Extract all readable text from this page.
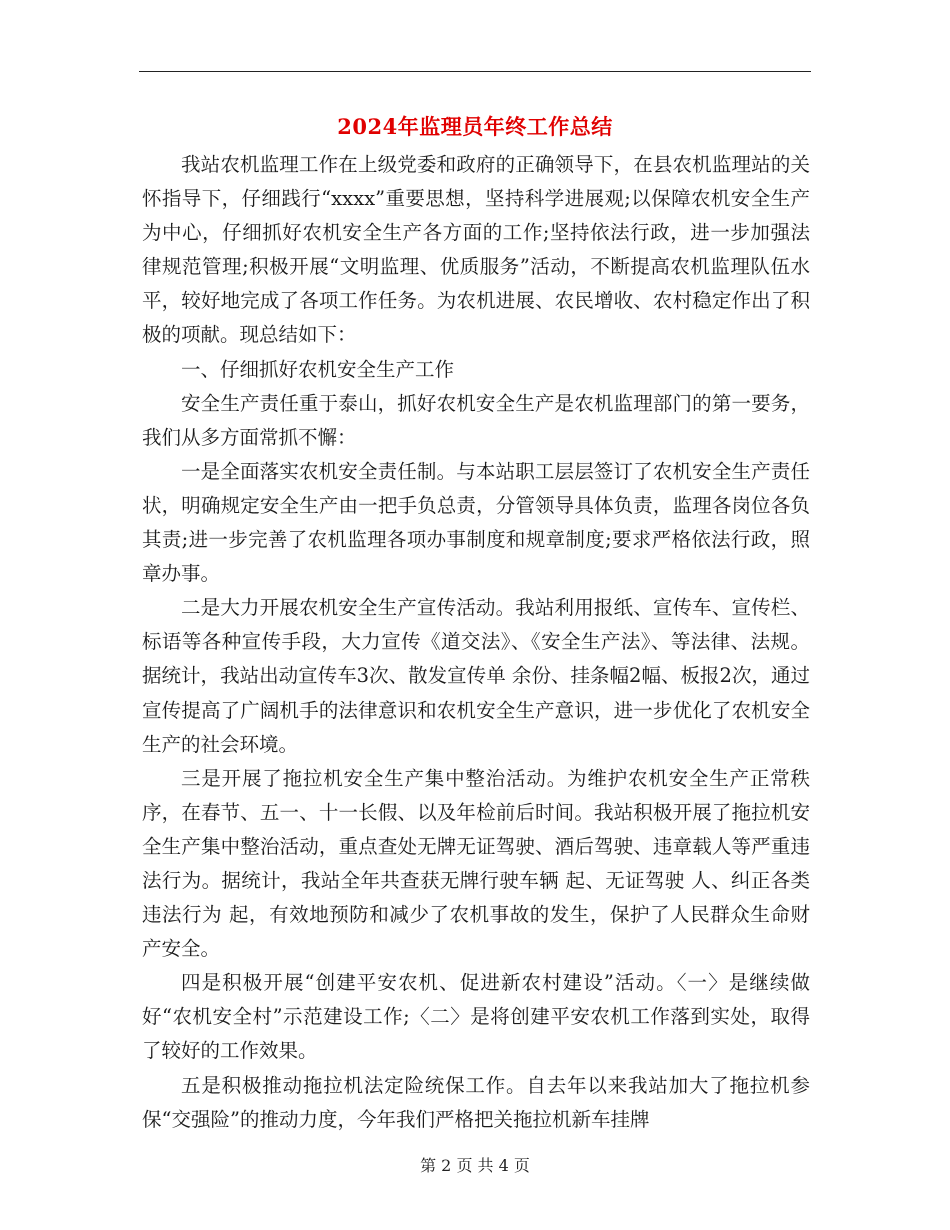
2024年监理员年终工作总结

我站农机监理工作在上级党委和政府的正确领导下，在县农机监理站的关怀指导下，仔细践行“xxxx”重要思想，坚持科学进展观;以保障农机安全生产为中心，仔细抓好农机安全生产各方面的工作;坚持依法行政，进一步加强法律规范管理;积极开展“文明监理、优质服务”活动，不断提高农机监理队伍水平，较好地完成了各项工作任务。为农机进展、农民增收、农村稳定作出了积极的项献。现总结如下：

一、仔细抓好农机安全生产工作

安全生产责任重于泰山，抓好农机安全生产是农机监理部门的第一要务，我们从多方面常抓不懈：

一是全面落实农机安全责任制。与本站职工层层签订了农机安全生产责任状，明确规定安全生产由一把手负总责，分管领导具体负责，监理各岗位各负其责;进一步完善了农机监理各项办事制度和规章制度;要求严格依法行政，照章办事。

二是大力开展农机安全生产宣传活动。我站利用报纸、宣传车、宣传栏、标语等各种宣传手段，大力宣传《道交法》、《安全生产法》、等法律、法规。据统计，我站出动宣传车3次、散发宣传单 余份、挂条幅2幅、板报2次，通过宣传提高了广阔机手的法律意识和农机安全生产意识，进一步优化了农机安全生产的社会环境。

三是开展了拖拉机安全生产集中整治活动。为维护农机安全生产正常秩序，在春节、五一、十一长假、以及年检前后时间。我站积极开展了拖拉机安全生产集中整治活动，重点查处无牌无证驾驶、酒后驾驶、违章载人等严重违法行为。据统计，我站全年共查获无牌行驶车辆 起、无证驾驶 人、纠正各类违法行为 起，有效地预防和减少了农机事故的发生，保护了人民群众生命财产安全。

四是积极开展“创建平安农机、促进新农村建设”活动。〈一〉是继续做好“农机安全村”示范建设工作;〈二〉是将创建平安农机工作落到实处，取得了较好的工作效果。

五是积极推动拖拉机法定险统保工作。自去年以来我站加大了拖拉机参保“交强险”的推动力度，今年我们严格把关拖拉机新车挂牌

第 2 页 共 4 页
